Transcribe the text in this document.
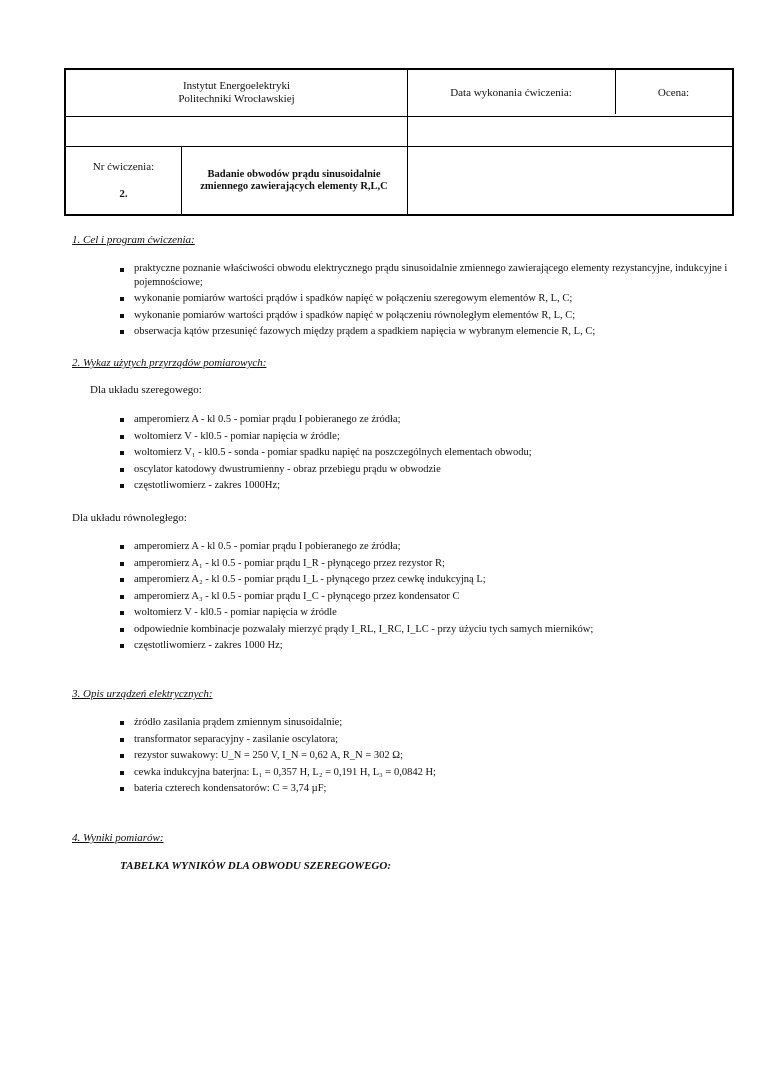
Instytut Energoelektryki
Politechniki Wrocławskiej
Data wykonania ćwiczenia:	Ocena:
Nr ćwiczenia:
2.
Badanie obwodów prądu sinusoidalnie zmiennego zawierających elementy R,L,C
1. Cel i program ćwiczenia:
praktyczne poznanie właściwości obwodu elektrycznego prądu sinusoidalnie zmiennego zawierającego elementy rezystancyjne, indukcyjne i pojemnościowe;
wykonanie pomiarów wartości prądów i spadków napięć w połączeniu szeregowym elementów R, L, C;
wykonanie pomiarów wartości prądów i spadków napięć w połączeniu równoległym elementów R, L, C;
obserwacja kątów przesunięć fazowych między prądem a spadkiem napięcia w wybranym elemencie R, L, C;
2. Wykaz użytych przyrządów pomiarowych:
Dla układu szeregowego:
amperomierz A - kl 0.5 - pomiar prądu I pobieranego ze źródła;
woltomierz V - kl0.5 - pomiar napięcia w źródle;
woltomierz V₁ - kl0.5 - sonda - pomiar spadku napięć na poszczególnych elementach obwodu;
oscylator katodowy dwustrumienny - obraz przebiegu prądu w obwodzie
częstotliwomierz - zakres 1000Hz;
Dla układu równoległego:
amperomierz A - kl 0.5 - pomiar prądu I pobieranego ze źródła;
amperomierz A₁ - kl 0.5 - pomiar prądu I_R - płynącego przez rezystor R;
amperomierz A₂ - kl 0.5 - pomiar prądu I_L - płynącego przez cewkę indukcyjną L;
amperomierz A₃ - kl 0.5 - pomiar prądu I_C - płynącego przez kondensator C
woltomierz V - kl0.5 - pomiar napięcia w źródle
odpowiednie kombinacje pozwalały mierzyć prądy I_RL, I_RC, I_LC - przy użyciu tych samych mierników;
częstotliwomierz - zakres 1000 Hz;
3. Opis urządzeń elektrycznych:
źródło zasilania prądem zmiennym sinusoidalnie;
transformator separacyjny - zasilanie oscylatora;
rezystor suwakowy: U_N = 250 V, I_N = 0,62 A, R_N = 302 Ω;
cewka indukcyjna baterjna: L₁ = 0,357 H, L₂ = 0,191 H, L₃ = 0,0842 H;
bateria czterech kondensatorów: C = 3,74 µF;
4. Wyniki pomiarów:
TABELKA WYNIKÓW DLA OBWODU SZEREGOWEGO:
